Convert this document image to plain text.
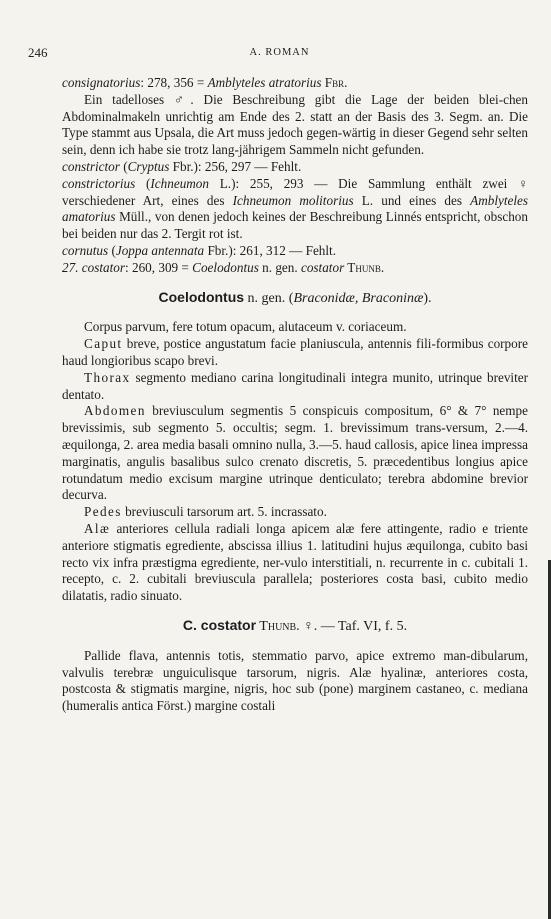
246	A. ROMAN

consignatorius: 278, 356 = Amblyteles atratorius Fbr.

Ein tadelloses ♂. Die Beschreibung gibt die Lage der beiden blei-chen Abdominalmakeln unrichtig am Ende des 2. statt an der Basis des 3. Segm. an. Die Type stammt aus Upsala, die Art muss jedoch gegen-wärtig in dieser Gegend sehr selten sein, denn ich habe sie trotz lang-jährigem Sammeln nicht gefunden.

constrictor (Cryptus Fbr.): 256, 297 — Fehlt.

constrictorius (Ichneumon L.): 255, 293 — Die Sammlung enthält zwei ♀ verschiedener Art, eines des Ichneumon molitorius L. und eines des Amblyteles amatorius Müll., von denen jedoch keines der Beschreibung Linnés entspricht, obschon bei beiden nur das 2. Tergit rot ist.

cornutus (Joppa antennata Fbr.): 261, 312 — Fehlt.

27. costator: 260, 309 = Coelodontus n. gen. costator Thunb.

Coelodontus n. gen. (Braconidæ, Braconinæ).

Corpus parvum, fere totum opacum, alutaceum v. coriaceum.

Caput breve, postice angustatum facie planiuscula, antennis fili-formibus corpore haud longioribus scapo brevi.

Thorax segmento mediano carina longitudinali integra munito, utrinque breviter dentato.

Abdomen breviusculum segmentis 5 conspicuis compositum, 6° & 7° nempe brevissimis, sub segmento 5. occultis; segm. 1. brevissimum trans-versum, 2.—4. æquilonga, 2. area media basali omnino nulla, 3.—5. haud callosis, apice linea impressa marginatis, angulis basalibus sulco crenato discretis, 5. præcedentibus longius apice rotundatum medio excisum margine utrinque denticulato; terebra abdomine brevior decurva.

Pedes breviusculi tarsorum art. 5. incrassato.

Alæ anteriores cellula radiali longa apicem alæ fere attingente, radio e triente anteriore stigmatis egrediente, abscissa illius 1. latitudini hujus æquilonga, cubito basi recto vix infra præstigma egrediente, ner-vulo interstitiali, n. recurrente in c. cubitali 1. recepto, c. 2. cubitali breviuscula parallela; posteriores costa basi, cubito medio dilatatis, radio sinuato.

C. costator Thunb. ♀. — Taf. VI, f. 5.

Pallide flava, antennis totis, stemmatio parvo, apice extremo man-dibularum, valvulis terebræ unguiculisque tarsorum, nigris. Alæ hyalinæ, anteriores costa, postcosta & stigmatis margine, nigris, hoc sub (pone) marginem castaneo, c. mediana (humeralis antica Först.) margine costali
